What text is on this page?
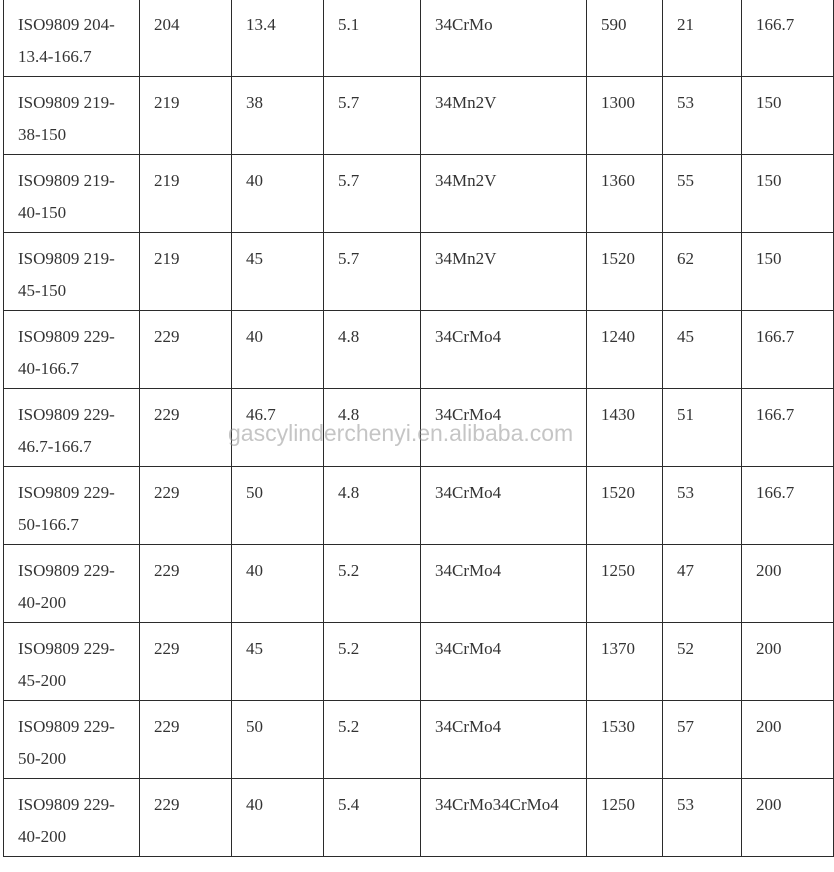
ISO9809 204-13.4-166.7	204	13.4	5.1	34CrMo	590	21	166.7

ISO9809 219-38-150	219	38	5.7	34Mn2V	1300	53	150

ISO9809 219-40-150	219	40	5.7	34Mn2V	1360	55	150

ISO9809 219-45-150	219	45	5.7	34Mn2V	1520	62	150

ISO9809 229-40-166.7	229	40	4.8	34CrMo4	1240	45	166.7

ISO9809 229-46.7-166.7	229	46.7	4.8	34CrMo4	1430	51	166.7

ISO9809 229-50-166.7	229	50	4.8	34CrMo4	1520	53	166.7

ISO9809 229-40-200	229	40	5.2	34CrMo4	1250	47	200

ISO9809 229-45-200	229	45	5.2	34CrMo4	1370	52	200

ISO9809 229-50-200	229	50	5.2	34CrMo4	1530	57	200

ISO9809 229-40-200	229	40	5.4	34CrMo34CrMo4	1250	53	200
gascylinderchenyi.en.alibaba.com
